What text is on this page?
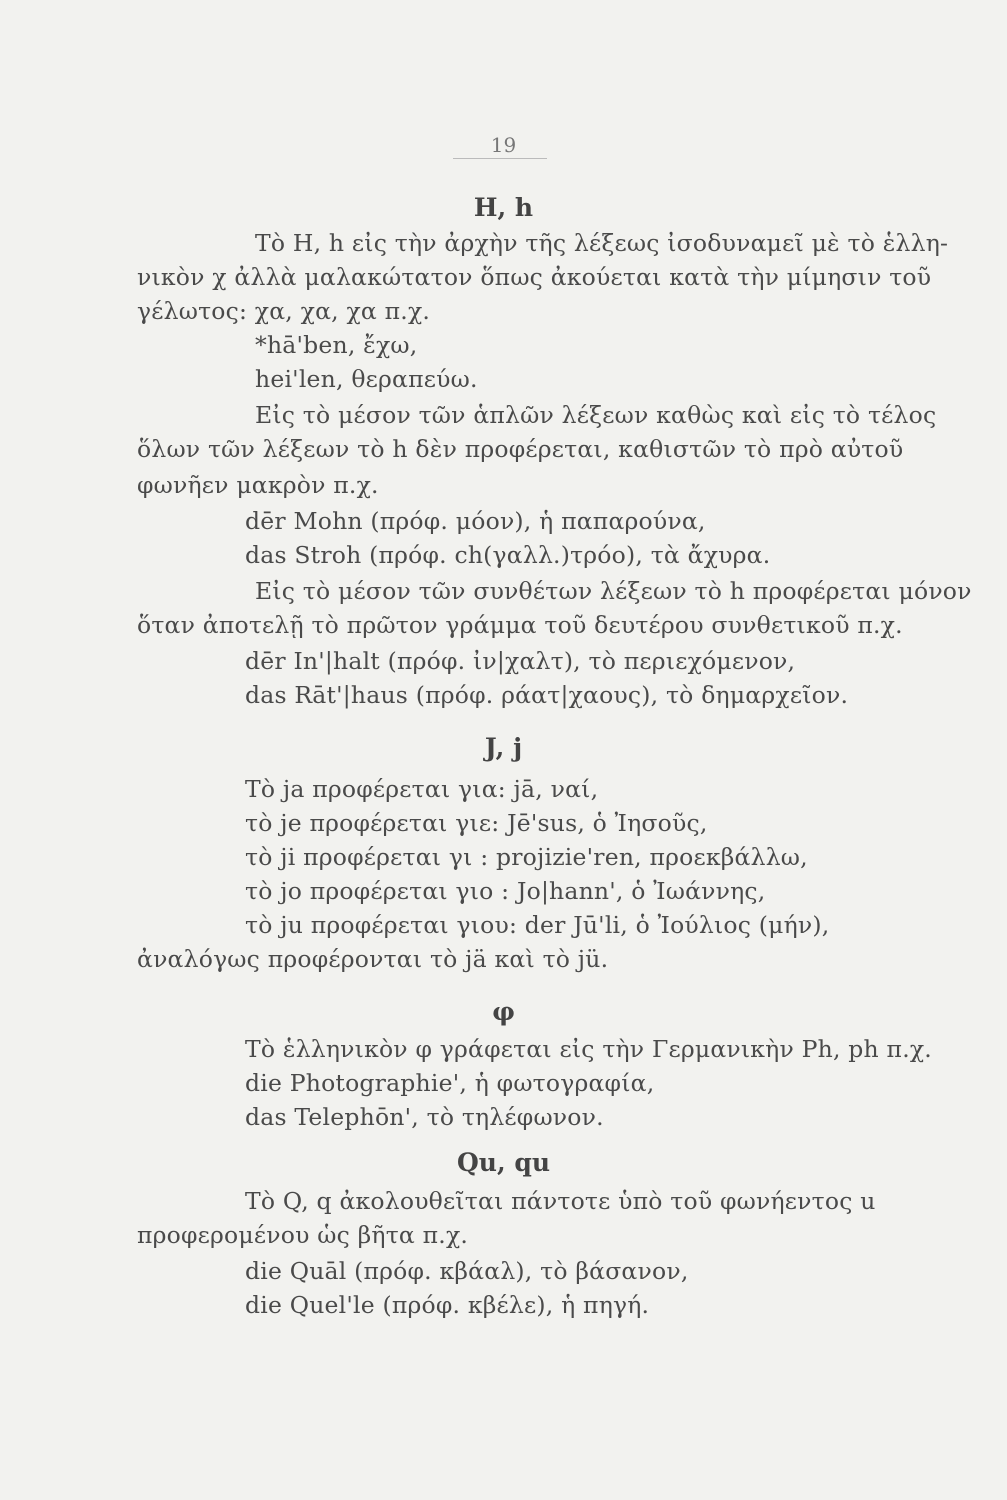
19
H, h
Τὸ H, h εἰς τὴν ἀρχὴν τῆς λέξεως ἰσοδυναμεῖ μὲ τὸ ἑλλη-
νικὸν χ ἀλλὰ μαλακώτατον ὅπως ἀκούεται κατὰ τὴν μίμησιν τοῦ
γέλωτος: χα, χα, χα π.χ.
*hā'ben, ἔχω,
hei'len, θεραπεύω.
Εἰς τὸ μέσον τῶν ἁπλῶν λέξεων καθὼς καὶ εἰς τὸ τέλος
ὅλων τῶν λέξεων τὸ h δὲν προφέρεται, καθιστῶν τὸ πρὸ αὐτοῦ
φωνῆεν μακρὸν π.χ.
dēr Mohn (πρόφ. μόον), ἡ παπαρούνα,
das Stroh (πρόφ. ch(γαλλ.)τρόο), τὰ ἄχυρα.
Εἰς τὸ μέσον τῶν συνθέτων λέξεων τὸ h προφέρεται μόνον
ὅταν ἀποτελῇ τὸ πρῶτον γράμμα τοῦ δευτέρου συνθετικοῦ π.χ.
dēr In'|halt (πρόφ. ἰν|χαλτ), τὸ περιεχόμενον,
das Rāt'|haus (πρόφ. ράατ|χαους), τὸ δημαρχεῖον.
J, j
Τὸ ja προφέρεται για: jā, ναί,
τὸ je προφέρεται γιε: Jē'sus, ὁ Ἰησοῦς,
τὸ ji προφέρεται γι : projizie'ren, προεκβάλλω,
τὸ jo προφέρεται γιο : Jo|hann', ὁ Ἰωάννης,
τὸ ju προφέρεται γιου: der Jū'li, ὁ Ἰούλιος (μήν),
ἀναλόγως προφέρονται τὸ jä καὶ τὸ jü.
φ
Τὸ ἑλληνικὸν φ γράφεται εἰς τὴν Γερμανικὴν Ph, ph π.χ.
die Photographie', ἡ φωτογραφία,
das Telephōn', τὸ τηλέφωνον.
Qu, qu
Τὸ Q, q ἀκολουθεῖται πάντοτε ὑπὸ τοῦ φωνήεντος u
προφερομένου ὡς βῆτα π.χ.
die Quāl (πρόφ. κβάαλ), τὸ βάσανον,
die Quel'le (πρόφ. κβέλε), ἡ πηγή.
